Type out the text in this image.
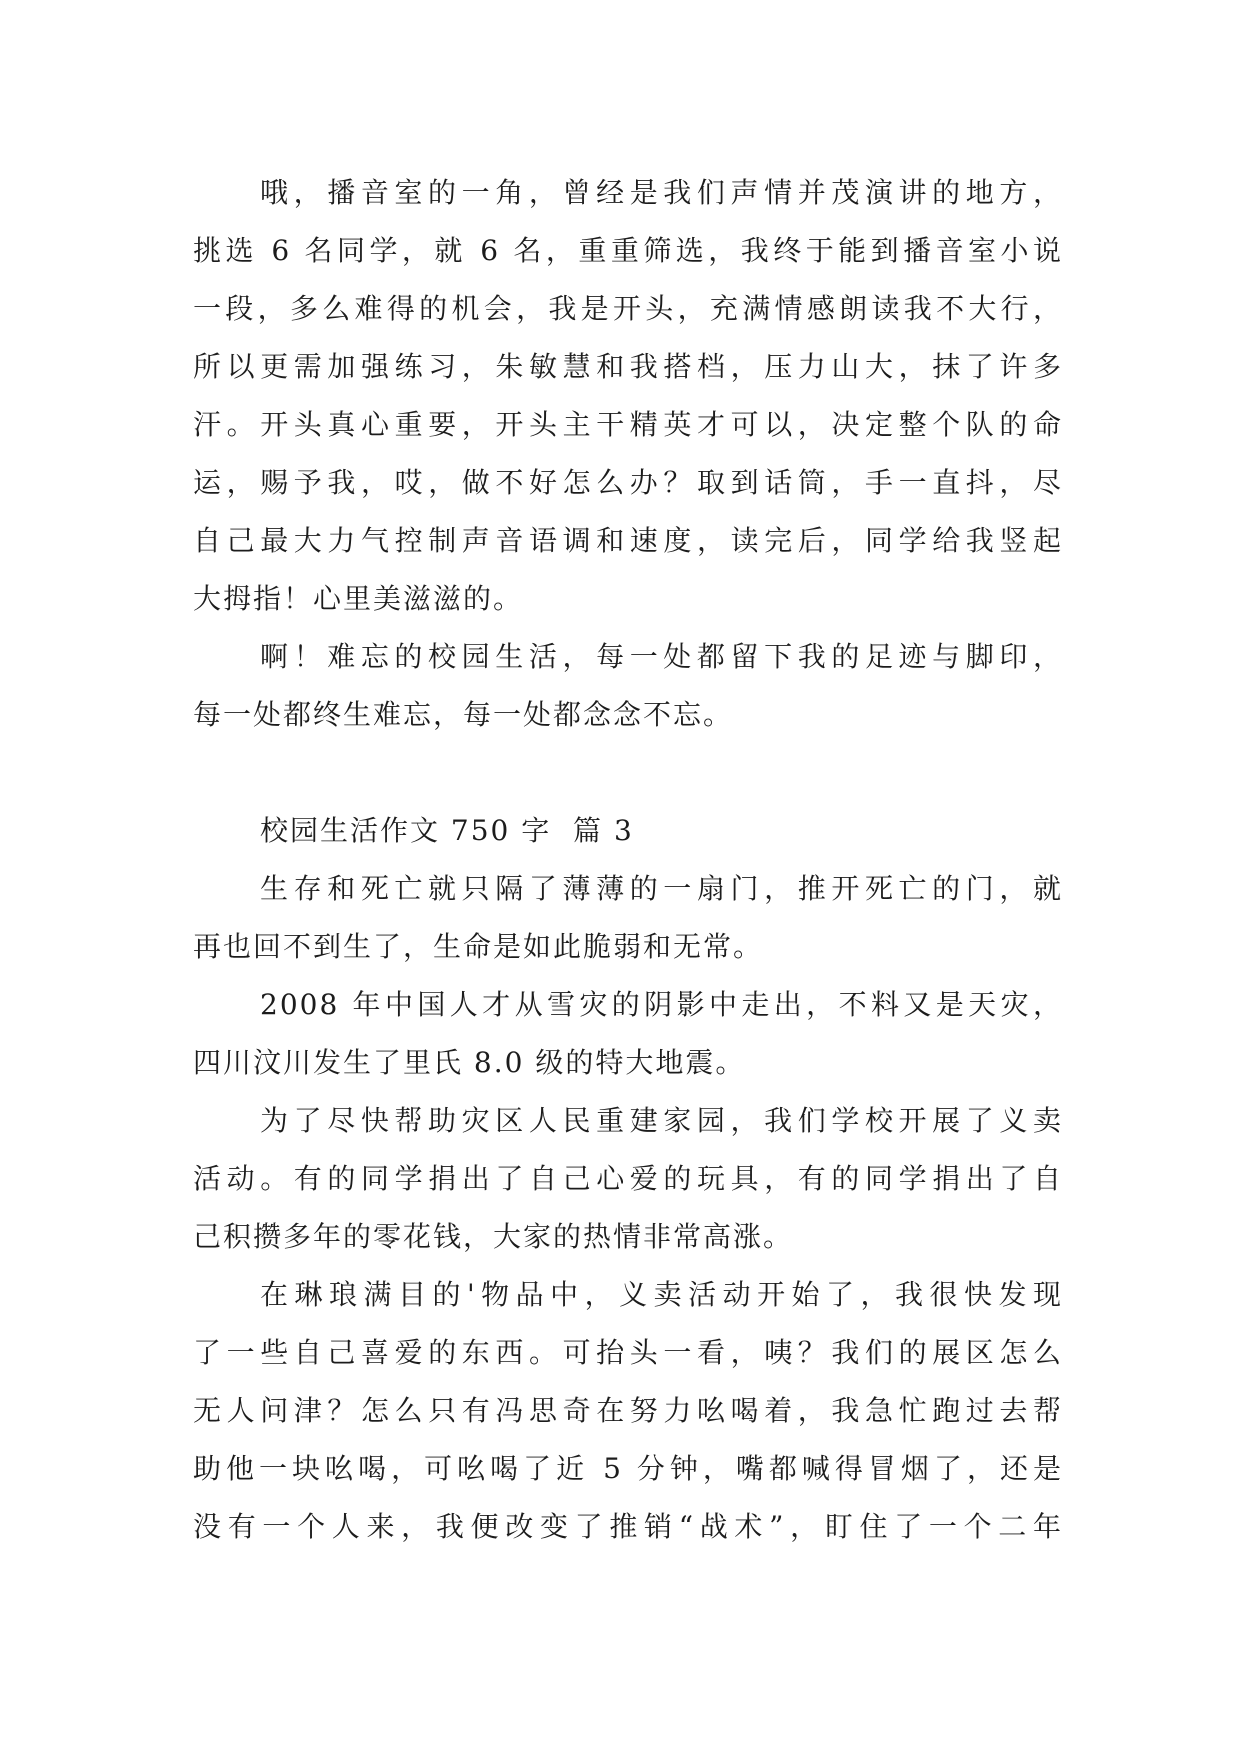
哦，播音室的一角，曾经是我们声情并茂演讲的地方，
挑选 6 名同学，就 6 名，重重筛选，我终于能到播音室小说
一段，多么难得的机会，我是开头，充满情感朗读我不大行，
所以更需加强练习，朱敏慧和我搭档，压力山大，抹了许多
汗。开头真心重要，开头主干精英才可以，决定整个队的命
运，赐予我，哎，做不好怎么办？取到话筒，手一直抖，尽
自己最大力气控制声音语调和速度，读完后，同学给我竖起
大拇指！心里美滋滋的。
啊！难忘的校园生活，每一处都留下我的足迹与脚印，
每一处都终生难忘，每一处都念念不忘。
校园生活作文 750 字  篇 3
生存和死亡就只隔了薄薄的一扇门，推开死亡的门，就
再也回不到生了，生命是如此脆弱和无常。
2008 年中国人才从雪灾的阴影中走出，不料又是天灾，
四川汶川发生了里氏 8.0 级的特大地震。
为了尽快帮助灾区人民重建家园，我们学校开展了义卖
活动。有的同学捐出了自己心爱的玩具，有的同学捐出了自
己积攒多年的零花钱，大家的热情非常高涨。
在琳琅满目的'物品中，义卖活动开始了，我很快发现
了一些自己喜爱的东西。可抬头一看，咦？我们的展区怎么
无人问津？怎么只有冯思奇在努力吆喝着，我急忙跑过去帮
助他一块吆喝，可吆喝了近 5 分钟，嘴都喊得冒烟了，还是
没有一个人来，我便改变了推销“战术”，盯住了一个二年
